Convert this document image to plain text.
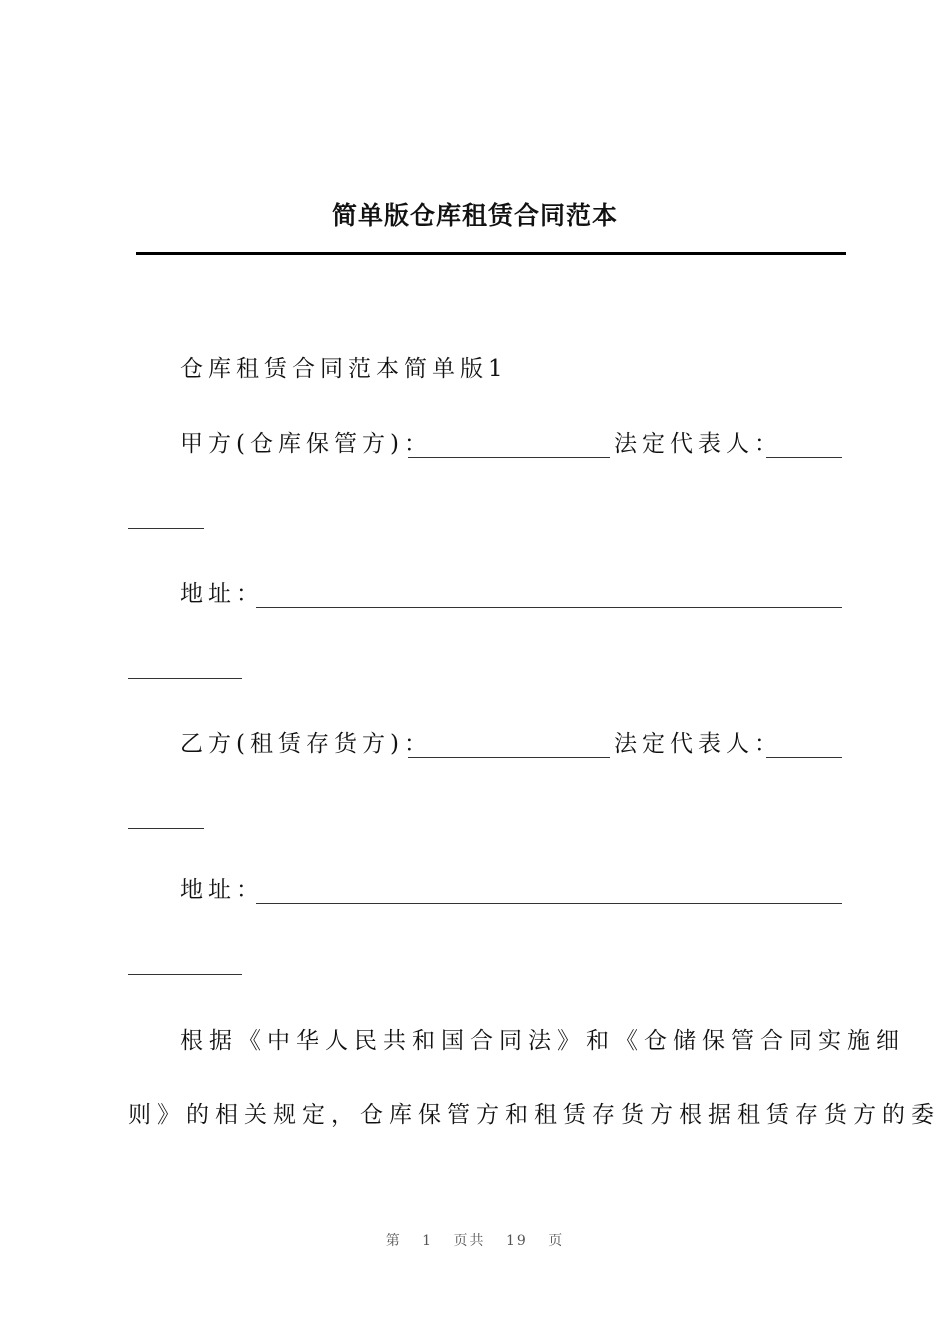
简单版仓库租赁合同范本
仓库租赁合同范本简单版1
甲方(仓库保管方)：	法定代表人：
地址：
乙方(租赁存货方)：	法定代表人：
地址：
根据《中华人民共和国合同法》和《仓储保管合同实施细
则》的相关规定，仓库保管方和租赁存货方根据租赁存货方的委
第 1 页共 19 页
